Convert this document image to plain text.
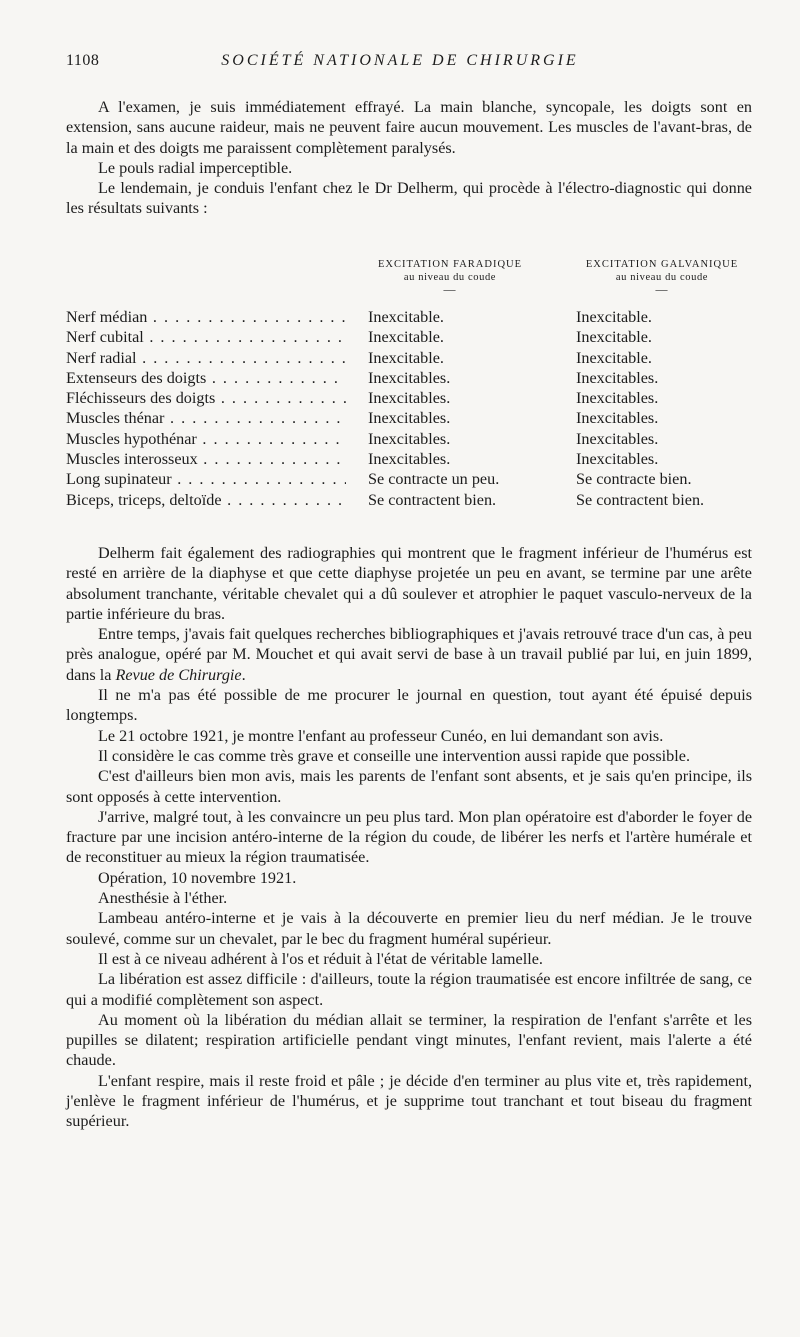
1108	SOCIÉTÉ NATIONALE DE CHIRURGIE

A l'examen, je suis immédiatement effrayé. La main blanche, syncopale, les doigts sont en extension, sans aucune raideur, mais ne peuvent faire aucun mouvement. Les muscles de l'avant-bras, de la main et des doigts me paraissent complètement paralysés.

Le pouls radial imperceptible.

Le lendemain, je conduis l'enfant chez le Dr Delherm, qui procède à l'électro-diagnostic qui donne les résultats suivants :

EXCITATION FARADIQUE
au niveau du coude
—
EXCITATION GALVANIQUE
au niveau du coude
—
Nerf médian . . .	Inexcitable.	Inexcitable.
Nerf cubital . . .	Inexcitable.	Inexcitable.
Nerf radial . . .	Inexcitable.	Inexcitable.
Extenseurs des doigts . . .	Inexcitables.	Inexcitables.
Fléchisseurs des doigts . . .	Inexcitables.	Inexcitables.
Muscles thénar . . .	Inexcitables.	Inexcitables.
Muscles hypothénar . . .	Inexcitables.	Inexcitables.
Muscles interosseux . . .	Inexcitables.	Inexcitables.
Long supinateur . . .	Se contracte un peu.	Se contracte bien.
Biceps, triceps, deltoïde . . .	Se contractent bien.	Se contractent bien.

Delherm fait également des radiographies qui montrent que le fragment inférieur de l'humérus est resté en arrière de la diaphyse et que cette diaphyse projetée un peu en avant, se termine par une arête absolument tranchante, véritable chevalet qui a dû soulever et atrophier le paquet vasculo-nerveux de la partie inférieure du bras.

Entre temps, j'avais fait quelques recherches bibliographiques et j'avais retrouvé trace d'un cas, à peu près analogue, opéré par M. Mouchet et qui avait servi de base à un travail publié par lui, en juin 1899, dans la Revue de Chirurgie.

Il ne m'a pas été possible de me procurer le journal en question, tout ayant été épuisé depuis longtemps.

Le 21 octobre 1921, je montre l'enfant au professeur Cunéo, en lui demandant son avis.

Il considère le cas comme très grave et conseille une intervention aussi rapide que possible.

C'est d'ailleurs bien mon avis, mais les parents de l'enfant sont absents, et je sais qu'en principe, ils sont opposés à cette intervention.

J'arrive, malgré tout, à les convaincre un peu plus tard. Mon plan opératoire est d'aborder le foyer de fracture par une incision antéro-interne de la région du coude, de libérer les nerfs et l'artère humérale et de reconstituer au mieux la région traumatisée.

Opération, 10 novembre 1921.

Anesthésie à l'éther.

Lambeau antéro-interne et je vais à la découverte en premier lieu du nerf médian. Je le trouve soulevé, comme sur un chevalet, par le bec du fragment huméral supérieur.

Il est à ce niveau adhérent à l'os et réduit à l'état de véritable lamelle.

La libération est assez difficile : d'ailleurs, toute la région traumatisée est encore infiltrée de sang, ce qui a modifié complètement son aspect.

Au moment où la libération du médian allait se terminer, la respiration de l'enfant s'arrête et les pupilles se dilatent; respiration artificielle pendant vingt minutes, l'enfant revient, mais l'alerte a été chaude.

L'enfant respire, mais il reste froid et pâle ; je décide d'en terminer au plus vite et, très rapidement, j'enlève le fragment inférieur de l'humérus, et je supprime tout tranchant et tout biseau du fragment supérieur.
